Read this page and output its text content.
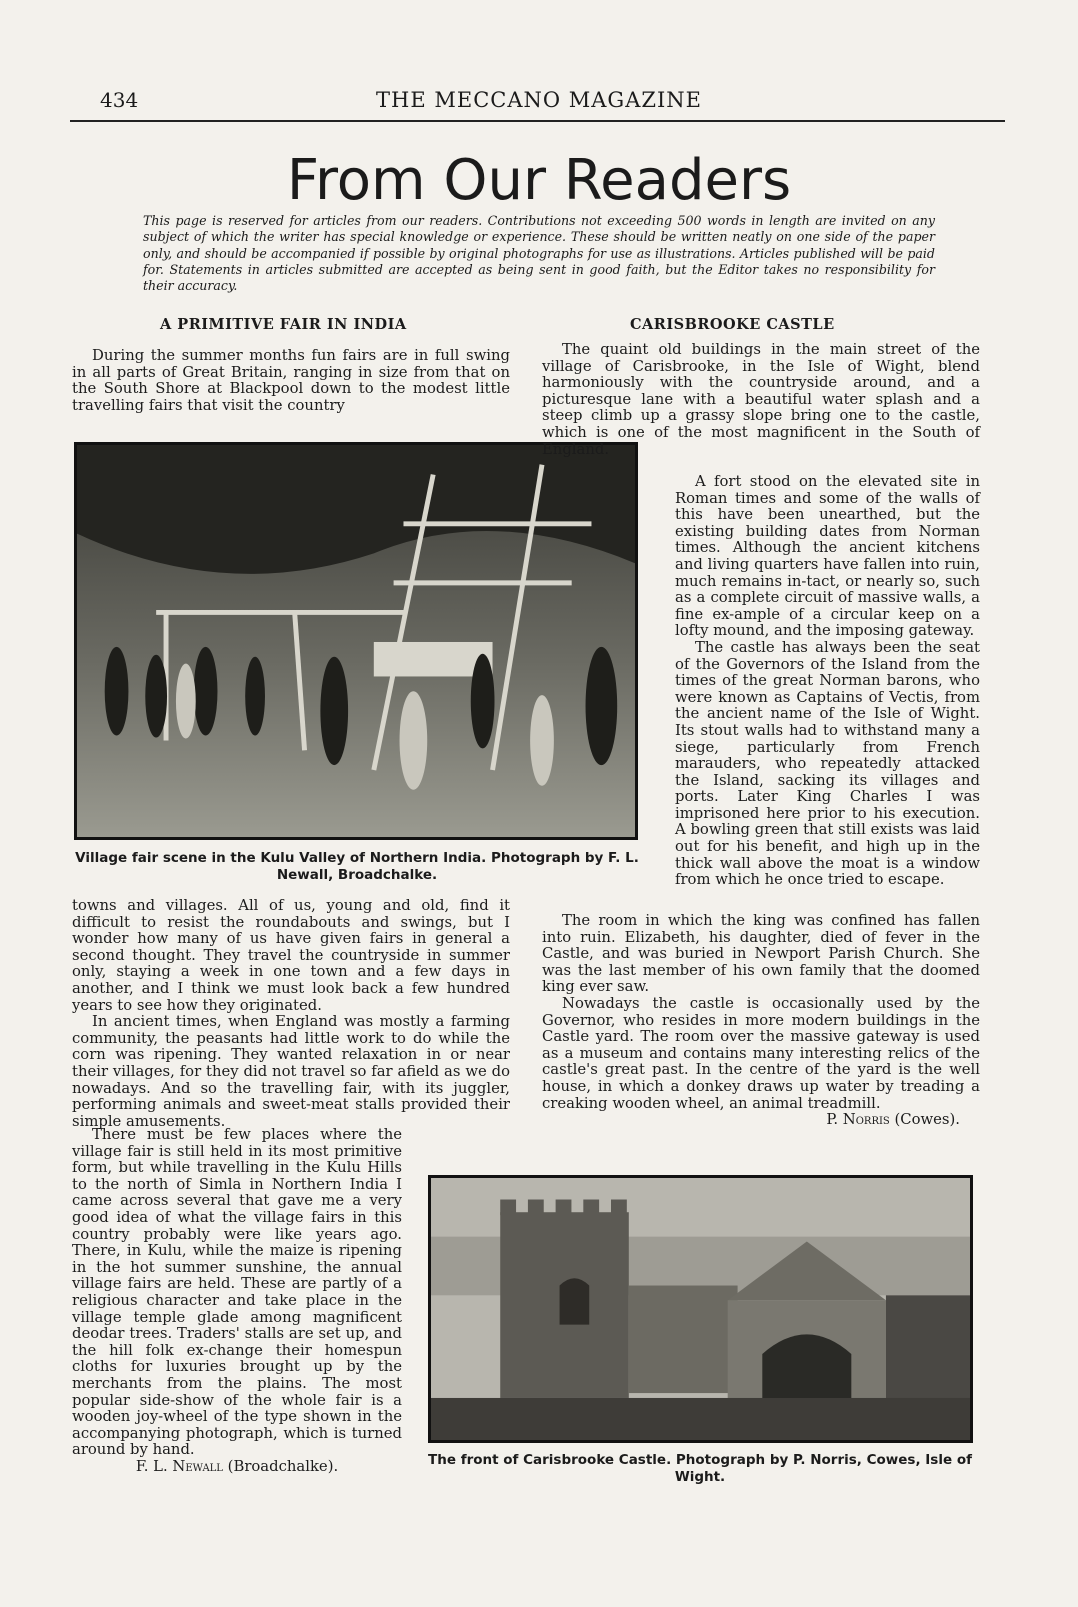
434	THE MECCANO MAGAZINE
From Our Readers
This page is reserved for articles from our readers. Contributions not exceeding 500 words in length are invited on any subject of which the writer has special knowledge or experience. These should be written neatly on one side of the paper only, and should be accompanied if possible by original photographs for use as illustrations. Articles published will be paid for. Statements in articles submitted are accepted as being sent in good faith, but the Editor takes no responsibility for their accuracy.
A PRIMITIVE FAIR IN INDIA

During the summer months fun fairs are in full swing in all parts of Great Britain, ranging in size from that on the South Shore at Blackpool down to the modest little travelling fairs that visit the country

Village fair scene in the Kulu Valley of Northern India. Photograph by F. L. Newall, Broadchalke.

towns and villages. All of us, young and old, find it difficult to resist the roundabouts and swings, but I wonder how many of us have given fairs in general a second thought. They travel the countryside in summer only, staying a week in one town and a few days in another, and I think we must look back a few hundred years to see how they originated.

In ancient times, when England was mostly a farming community, the peasants had little work to do while the corn was ripening. They wanted relaxation in or near their villages, for they did not travel so far afield as we do nowadays. And so the travelling fair, with its juggler, performing animals and sweet-meat stalls provided their simple amusements.

There must be few places where the village fair is still held in its most primitive form, but while travelling in the Kulu Hills to the north of Simla in Northern India I came across several that gave me a very good idea of what the village fairs in this country probably were like years ago. There, in Kulu, while the maize is ripening in the hot summer sunshine, the annual village fairs are held. These are partly of a religious character and take place in the village temple glade among magnificent deodar trees. Traders' stalls are set up, and the hill folk ex-change their homespun cloths for luxuries brought up by the merchants from the plains. The most popular side-show of the whole fair is a wooden joy-wheel of the type shown in the accompanying photograph, which is turned around by hand.

F. L. Newall (Broadchalke).
CARISBROOKE CASTLE

The quaint old buildings in the main street of the village of Carisbrooke, in the Isle of Wight, blend harmoniously with the countryside around, and a picturesque lane with a beautiful water splash and a steep climb up a grassy slope bring one to the castle, which is one of the most magnificent in the South of England.

A fort stood on the elevated site in Roman times and some of the walls of this have been unearthed, but the existing building dates from Norman times. Although the ancient kitchens and living quarters have fallen into ruin, much remains in-tact, or nearly so, such as a complete circuit of massive walls, a fine ex-ample of a circular keep on a lofty mound, and the imposing gateway.

The castle has always been the seat of the Governors of the Island from the times of the great Norman barons, who were known as Captains of Vectis, from the ancient name of the Isle of Wight. Its stout walls had to withstand many a siege, particularly from French marauders, who repeatedly attacked the Island, sacking its villages and ports. Later King Charles I was imprisoned here prior to his execution. A bowling green that still exists was laid out for his benefit, and high up in the thick wall above the moat is a window from which he once tried to escape.

The room in which the king was confined has fallen into ruin. Elizabeth, his daughter, died of fever in the Castle, and was buried in Newport Parish Church. She was the last member of his own family that the doomed king ever saw.

Nowadays the castle is occasionally used by the Governor, who resides in more modern buildings in the Castle yard. The room over the massive gateway is used as a museum and contains many interesting relics of the castle's great past. In the centre of the yard is the well house, in which a donkey draws up water by treading a creaking wooden wheel, an animal treadmill.

P. Norris (Cowes).
The front of Carisbrooke Castle. Photograph by P. Norris, Cowes, Isle of Wight.
